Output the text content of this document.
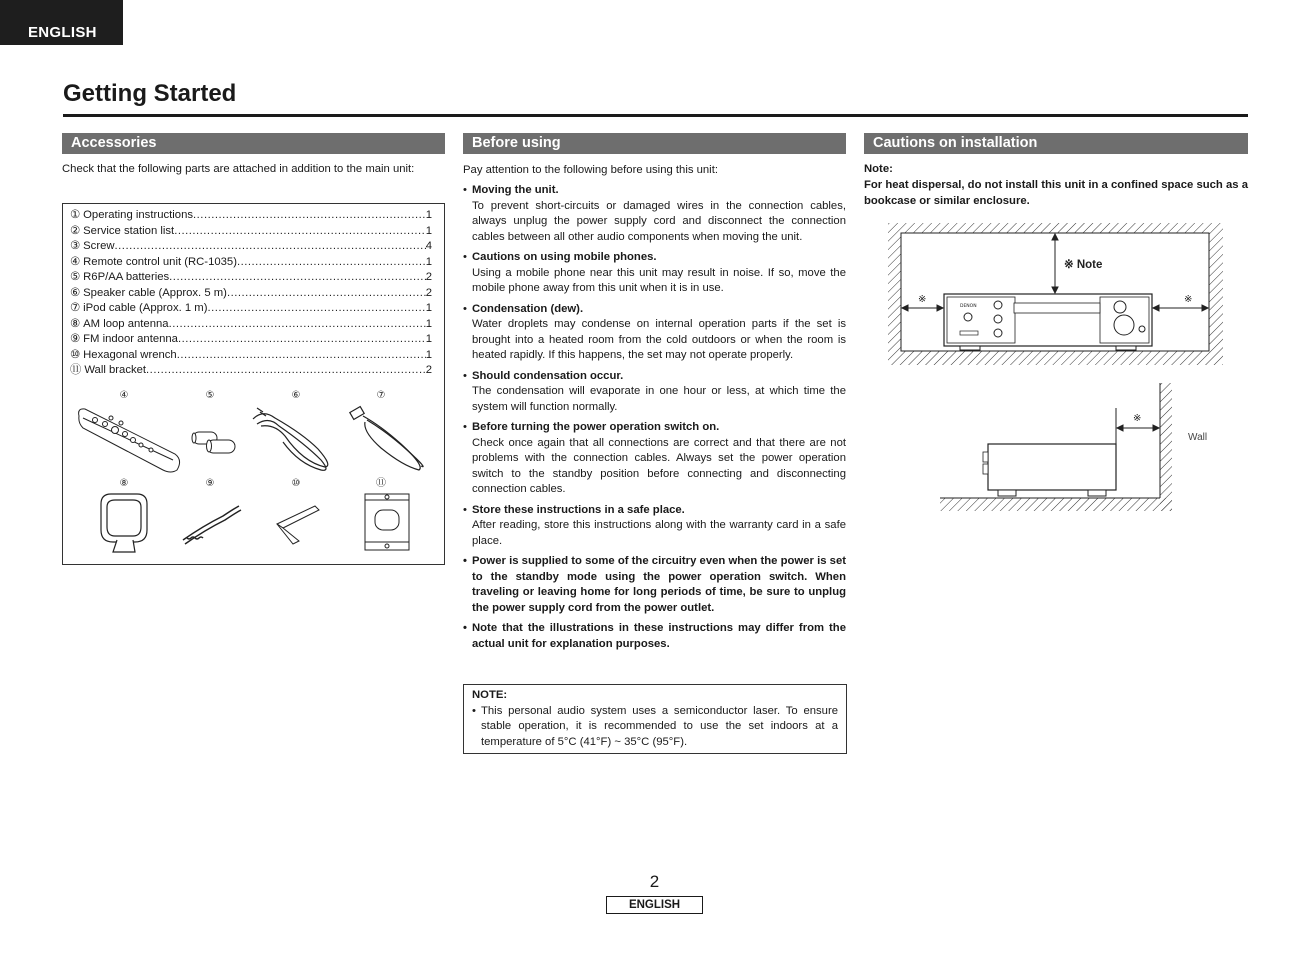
ENGLISH
Getting Started
Accessories
Check that the following parts are attached in addition to the main unit:
① Operating instructions .....	1
② Service station list .....	1
③ Screw .....	4
④ Remote control unit (RC-1035) .....	1
⑤ R6P/AA batteries .....	2
⑥ Speaker cable (Approx. 5 m) .....	2
⑦ iPod cable (Approx. 1 m) .....	1
⑧ AM loop antenna .....	1
⑨ FM indoor antenna .....	1
⑩ Hexagonal wrench .....	1
⑪ Wall bracket .....	2
④	⑤	⑥	⑦
⑧	⑨	⑩	⑪
Before using
Pay attention to the following before using this unit:
• Moving the unit.
To prevent short-circuits or damaged wires in the connection cables, always unplug the power supply cord and disconnect the connection cables between all other audio components when moving the unit.
• Cautions on using mobile phones.
Using a mobile phone near this unit may result in noise. If so, move the mobile phone away from this unit when it is in use.
• Condensation (dew).
Water droplets may condense on internal operation parts if the set is brought into a heated room from the cold outdoors or when the room is heated rapidly. If this happens, the set may not operate properly.
• Should condensation occur.
The condensation will evaporate in one hour or less, at which time the system will function normally.
• Before turning the power operation switch on.
Check once again that all connections are correct and that there are not problems with the connection cables. Always set the power operation switch to the standby position before connecting and disconnecting connection cables.
• Store these instructions in a safe place.
After reading, store this instructions along with the warranty card in a safe place.
• Power is supplied to some of the circuitry even when the power is set to the standby mode using the power operation switch. When traveling or leaving home for long periods of time, be sure to unplug the power supply cord from the power outlet.
• Note that the illustrations in these instructions may differ from the actual unit for explanation purposes.
NOTE:
• This personal audio system uses a semiconductor laser. To ensure stable operation, it is recommended to use the set indoors at a temperature of 5°C (41°F) ~ 35°C (95°F).
Cautions on installation
Note:
For heat dispersal, do not install this unit in a confined space such as a bookcase or similar enclosure.
DENON
※ Note
※	※
※
Wall
2
ENGLISH
